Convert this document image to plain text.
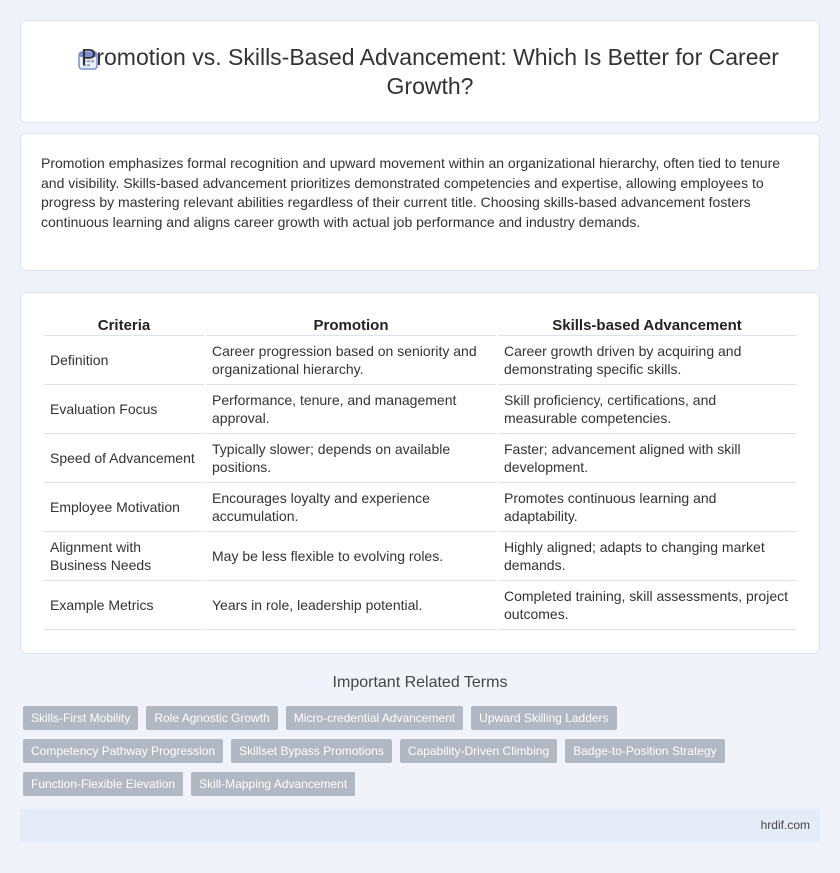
Promotion vs. Skills-Based Advancement: Which Is Better for Career Growth?

Promotion emphasizes formal recognition and upward movement within an organizational hierarchy, often tied to tenure and visibility. Skills-based advancement prioritizes demonstrated competencies and expertise, allowing employees to progress by mastering relevant abilities regardless of their current title. Choosing skills-based advancement fosters continuous learning and aligns career growth with actual job performance and industry demands.

Criteria	Promotion	Skills-based Advancement
Definition	Career progression based on seniority and organizational hierarchy.	Career growth driven by acquiring and demonstrating specific skills.
Evaluation Focus	Performance, tenure, and management approval.	Skill proficiency, certifications, and measurable competencies.
Speed of Advancement	Typically slower; depends on available positions.	Faster; advancement aligned with skill development.
Employee Motivation	Encourages loyalty and experience accumulation.	Promotes continuous learning and adaptability.
Alignment with Business Needs	May be less flexible to evolving roles.	Highly aligned; adapts to changing market demands.
Example Metrics	Years in role, leadership potential.	Completed training, skill assessments, project outcomes.
Important Related Terms
Skills-First Mobility	Role Agnostic Growth	Micro-credential Advancement	Upward Skilling Ladders
Competency Pathway Progression	Skillset Bypass Promotions	Capability-Driven Climbing	Badge-to-Position Strategy
Function-Flexible Elevation	Skill-Mapping Advancement
hrdif.com
